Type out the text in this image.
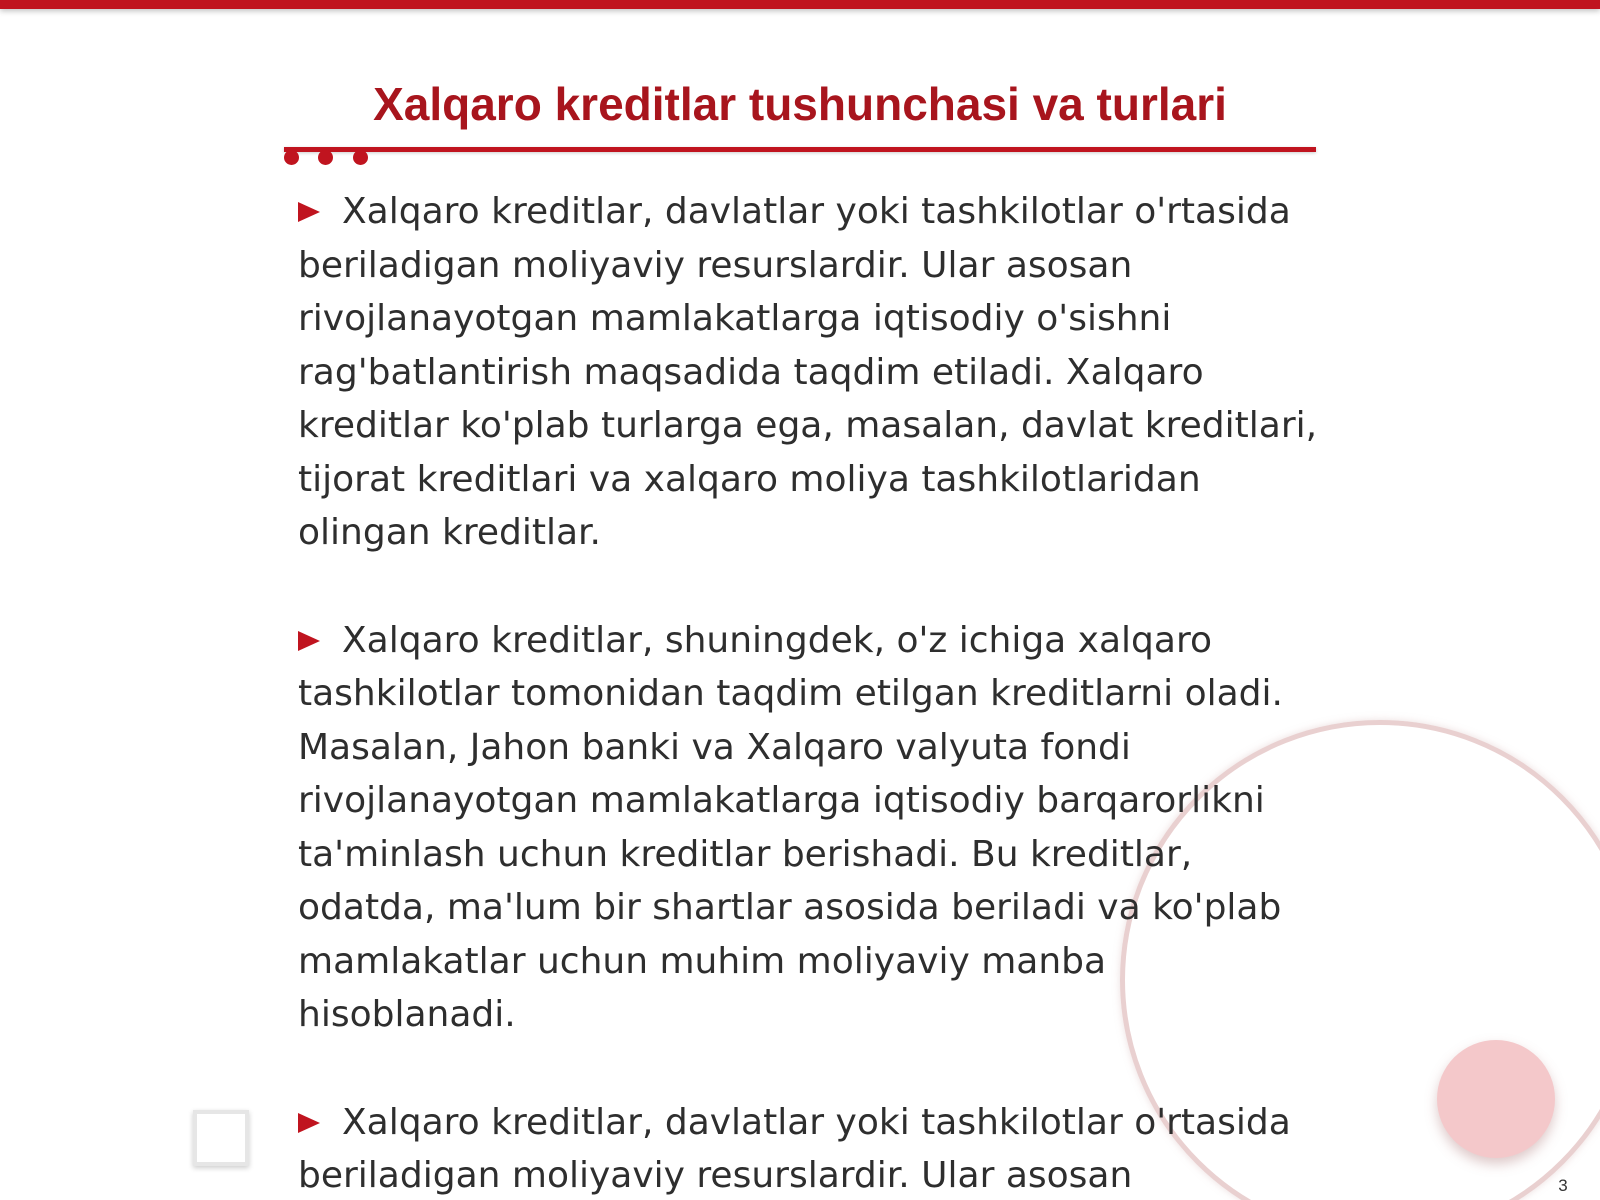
Xalqaro kreditlar tushunchasi va turlari

Xalqaro kreditlar, davlatlar yoki tashkilotlar o'rtasida beriladigan moliyaviy resurslardir. Ular asosan rivojlanayotgan mamlakatlarga iqtisodiy o'sishni rag'batlantirish maqsadida taqdim etiladi. Xalqaro kreditlar ko'plab turlarga ega, masalan, davlat kreditlari, tijorat kreditlari va xalqaro moliya tashkilotlaridan olingan kreditlar.

Xalqaro kreditlar, shuningdek, o'z ichiga xalqaro tashkilotlar tomonidan taqdim etilgan kreditlarni oladi. Masalan, Jahon banki va Xalqaro valyuta fondi rivojlanayotgan mamlakatlarga iqtisodiy barqarorlikni ta'minlash uchun kreditlar berishadi. Bu kreditlar, odatda, ma'lum bir shartlar asosida beriladi va ko'plab mamlakatlar uchun muhim moliyaviy manba hisoblanadi.

Xalqaro kreditlar, davlatlar yoki tashkilotlar o'rtasida beriladigan moliyaviy resurslardir. Ular asosan	3
